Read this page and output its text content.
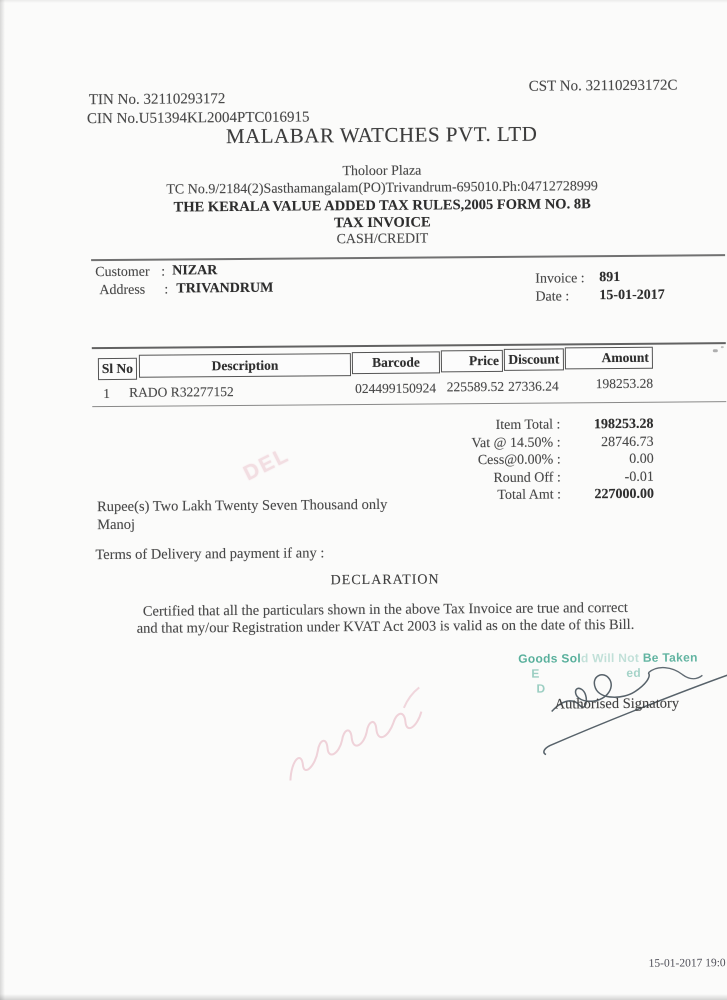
TIN No. 32110293172
CST No. 32110293172C
CIN No.U51394KL2004PTC016915
MALABAR WATCHES PVT. LTD
Tholoor Plaza
TC No.9/2184(2)Sasthamangalam(PO)Trivandrum-695010.Ph:04712728999
THE KERALA VALUE ADDED TAX RULES,2005 FORM NO. 8B
TAX INVOICE
CASH/CREDIT
Customer : NIZAR
Address : TRIVANDRUM
Invoice : 891
Date : 15-01-2017
Sl No	Description	Barcode	Price Discount	Amount
1 RADO R32277152	024499150924 225589.52 27336.24	198253.28
Item Total :	198253.28
Vat @ 14.50% :	28746.73
Cess@0.00% :	0.00
Round Off :	-0.01
Total Amt :	227000.00
Rupee(s) Two Lakh Twenty Seven Thousand only
Manoj
Terms of Delivery and payment if any :
DECLARATION
Certified that all the particulars shown in the above Tax Invoice are true and correct
and that my/our Registration under KVAT Act 2003 is valid as on the date of this Bill.
Goods Sold Will Not Be Taken
E	ed
D
Authorised Signatory
DEL
15-01-2017 19:0
